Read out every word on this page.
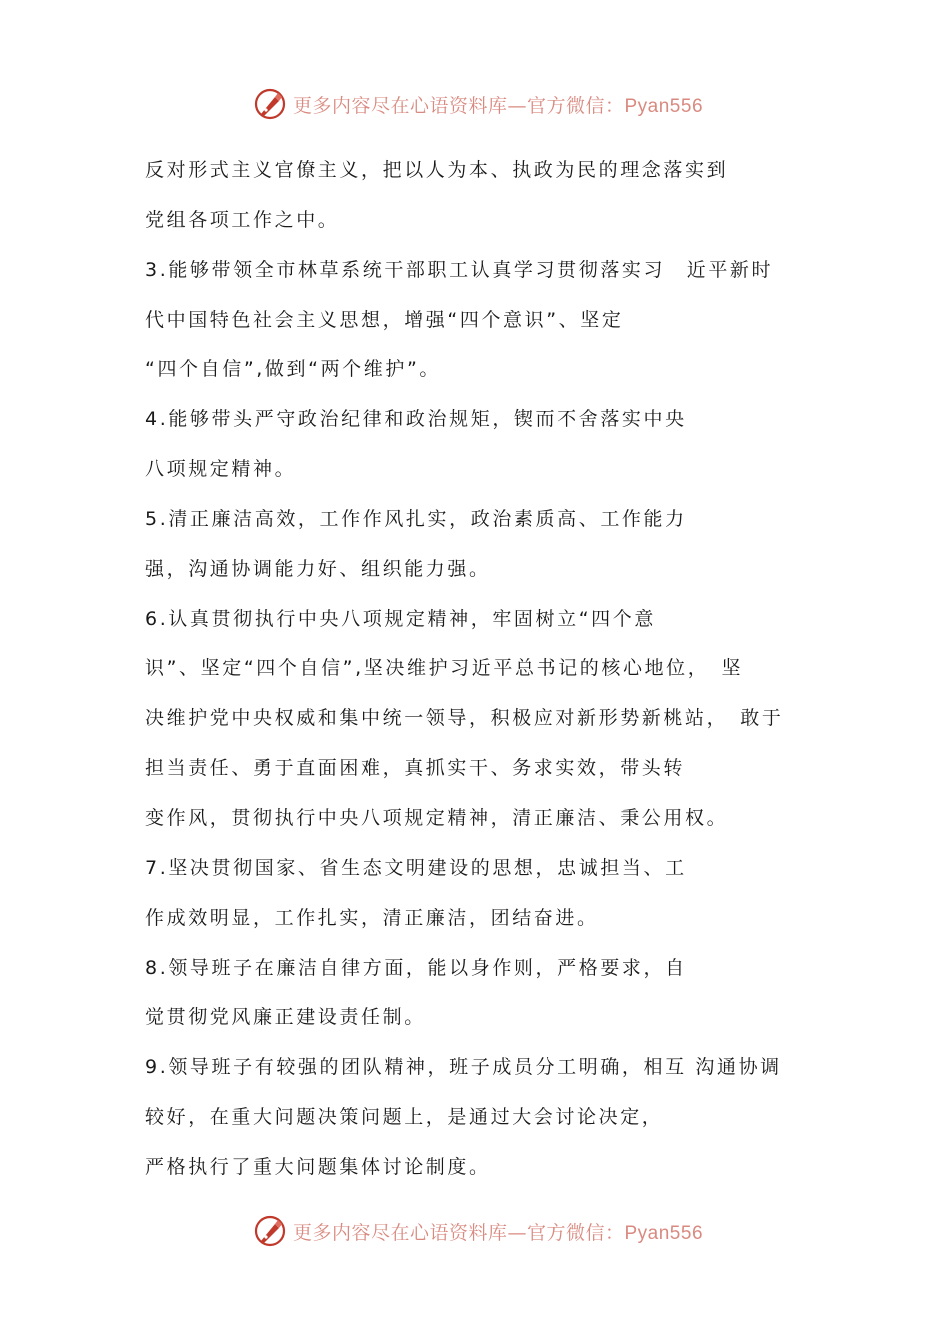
更多内容尽在心语资料库—官方微信：Pyan556
反对形式主义官僚主义，把以人为本、执政为民的理念落实到
党组各项工作之中。
3.能够带领全市林草系统干部职工认真学习贯彻落实习　近平新时
代中国特色社会主义思想，增强“四个意识”、坚定
“四个自信”,做到“两个维护”。
4.能够带头严守政治纪律和政治规矩，锲而不舍落实中央
八项规定精神。
5.清正廉洁高效，工作作风扎实，政治素质高、工作能力
强，沟通协调能力好、组织能力强。
6.认真贯彻执行中央八项规定精神，牢固树立“四个意
识”、坚定“四个自信”,坚决维护习近平总书记的核心地位，　坚
决维护党中央权威和集中统一领导，积极应对新形势新桃站，　敢于
担当责任、勇于直面困难，真抓实干、务求实效，带头转
变作风，贯彻执行中央八项规定精神，清正廉洁、秉公用权。
7.坚决贯彻国家、省生态文明建设的思想，忠诚担当、工
作成效明显，工作扎实，清正廉洁，团结奋进。
8.领导班子在廉洁自律方面，能以身作则，严格要求，自
觉贯彻党风廉正建设责任制。
9.领导班子有较强的团队精神，班子成员分工明确，相互 沟通协调
较好，在重大问题决策问题上，是通过大会讨论决定，
严格执行了重大问题集体讨论制度。
更多内容尽在心语资料库—官方微信：Pyan556
